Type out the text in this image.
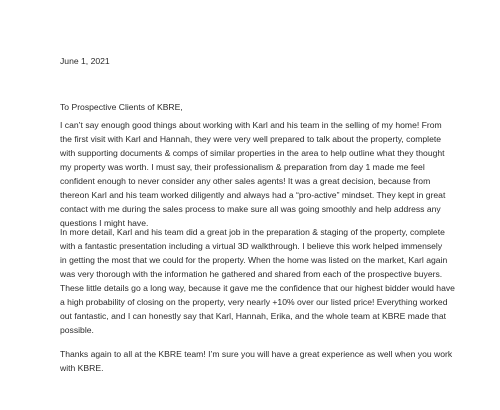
June 1, 2021
To Prospective Clients of KBRE,
I can’t say enough good things about working with Karl and his team in the selling of my home! From
the first visit with Karl and Hannah, they were very well prepared to talk about the property, complete
with supporting documents & comps of similar properties in the area to help outline what they thought
my property was worth. I must say, their professionalism & preparation from day 1 made me feel
confident enough to never consider any other sales agents! It was a great decision, because from
thereon Karl and his team worked diligently and always had a “pro-active” mindset. They kept in great
contact with me during the sales process to make sure all was going smoothly and help address any
questions I might have.
In more detail, Karl and his team did a great job in the preparation & staging of the property, complete
with a fantastic presentation including a virtual 3D walkthrough. I believe this work helped immensely
in getting the most that we could for the property. When the home was listed on the market, Karl again
was very thorough with the information he gathered and shared from each of the prospective buyers.
These little details go a long way, because it gave me the confidence that our highest bidder would have
a high probability of closing on the property, very nearly +10% over our listed price! Everything worked
out fantastic, and I can honestly say that Karl, Hannah, Erika, and the whole team at KBRE made that
possible.
Thanks again to all at the KBRE team! I’m sure you will have a great experience as well when you work
with KBRE.
